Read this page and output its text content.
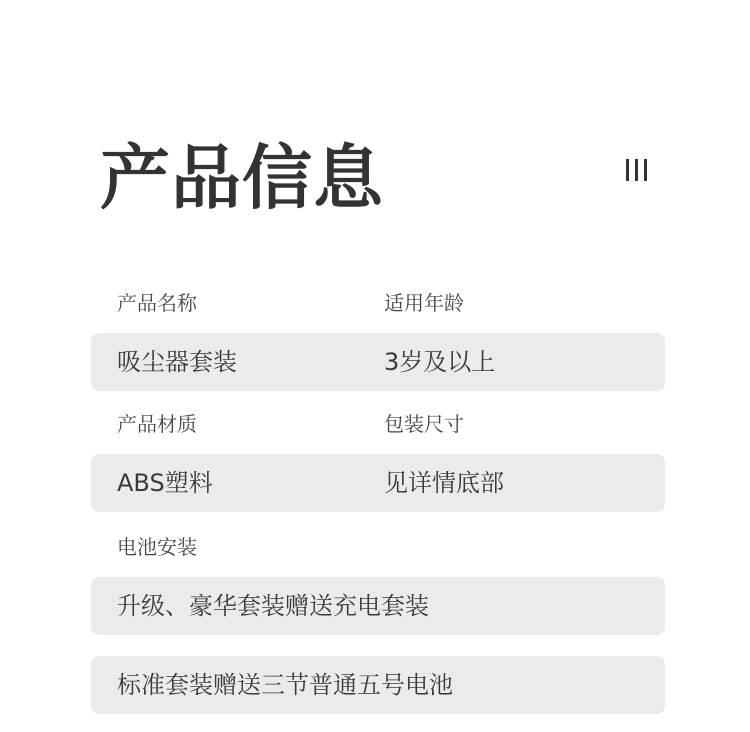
产品信息
产品名称	适用年龄
吸尘器套装	3岁及以上
产品材质	包装尺寸
ABS塑料	见详情底部
电池安装
升级、豪华套装赠送充电套装
标准套装赠送三节普通五号电池
